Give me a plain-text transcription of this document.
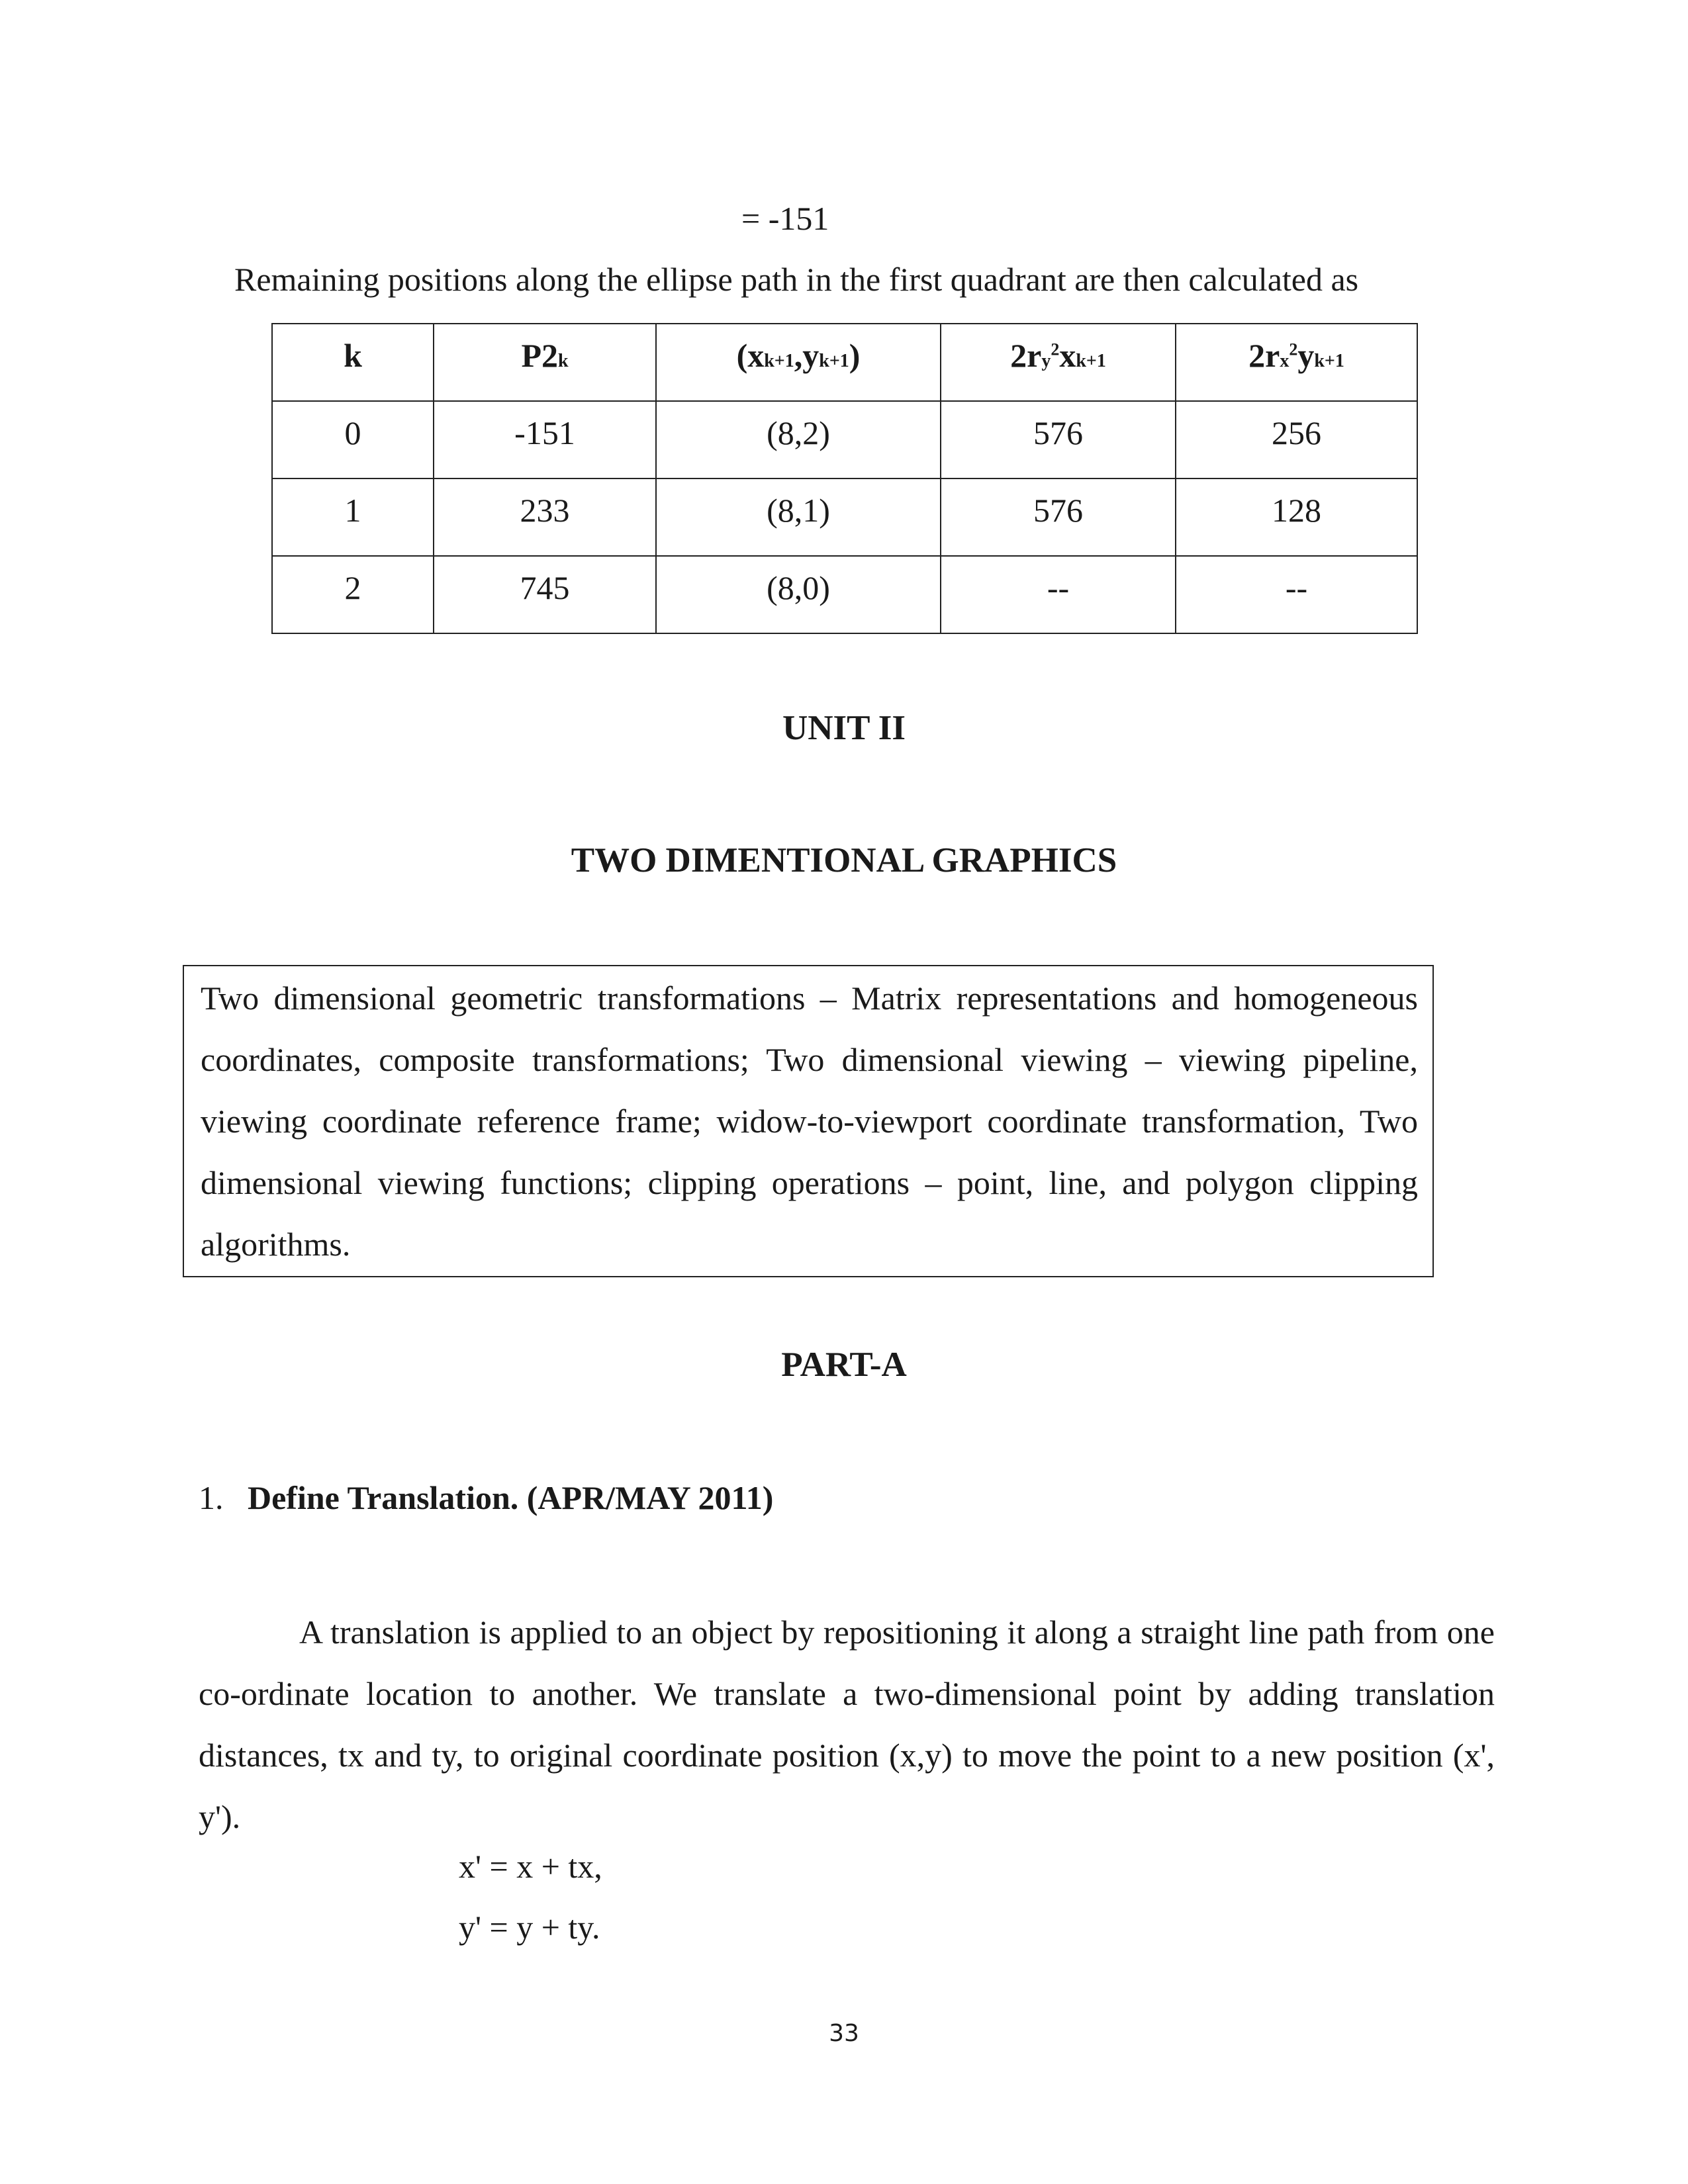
= -151
Remaining positions along the ellipse path in the first quadrant are then calculated as
k	P2k	(xk+1,yk+1)	$2ry^2xk+1$	$2rx^2yk+1$
0	-151	(8,2)	576	256
1	233	(8,1)	576	128
2	745	(8,0)	--	--
UNIT II
TWO DIMENTIONAL GRAPHICS

Two dimensional geometric transformations – Matrix representations and homogeneous coordinates, composite transformations; Two dimensional viewing – viewing pipeline, viewing coordinate reference frame; widow-to-viewport coordinate transformation, Two dimensional viewing functions; clipping operations – point, line, and polygon clipping algorithms.

PART-A
1. Define Translation. (APR/MAY 2011)

A translation is applied to an object by repositioning it along a straight line path from one co-ordinate location to another. We translate a two-dimensional point by adding translation distances, tx and ty, to original coordinate position (x,y) to move the point to a new position (x', y').

x' = x + tx,
y' = y + ty.
33
